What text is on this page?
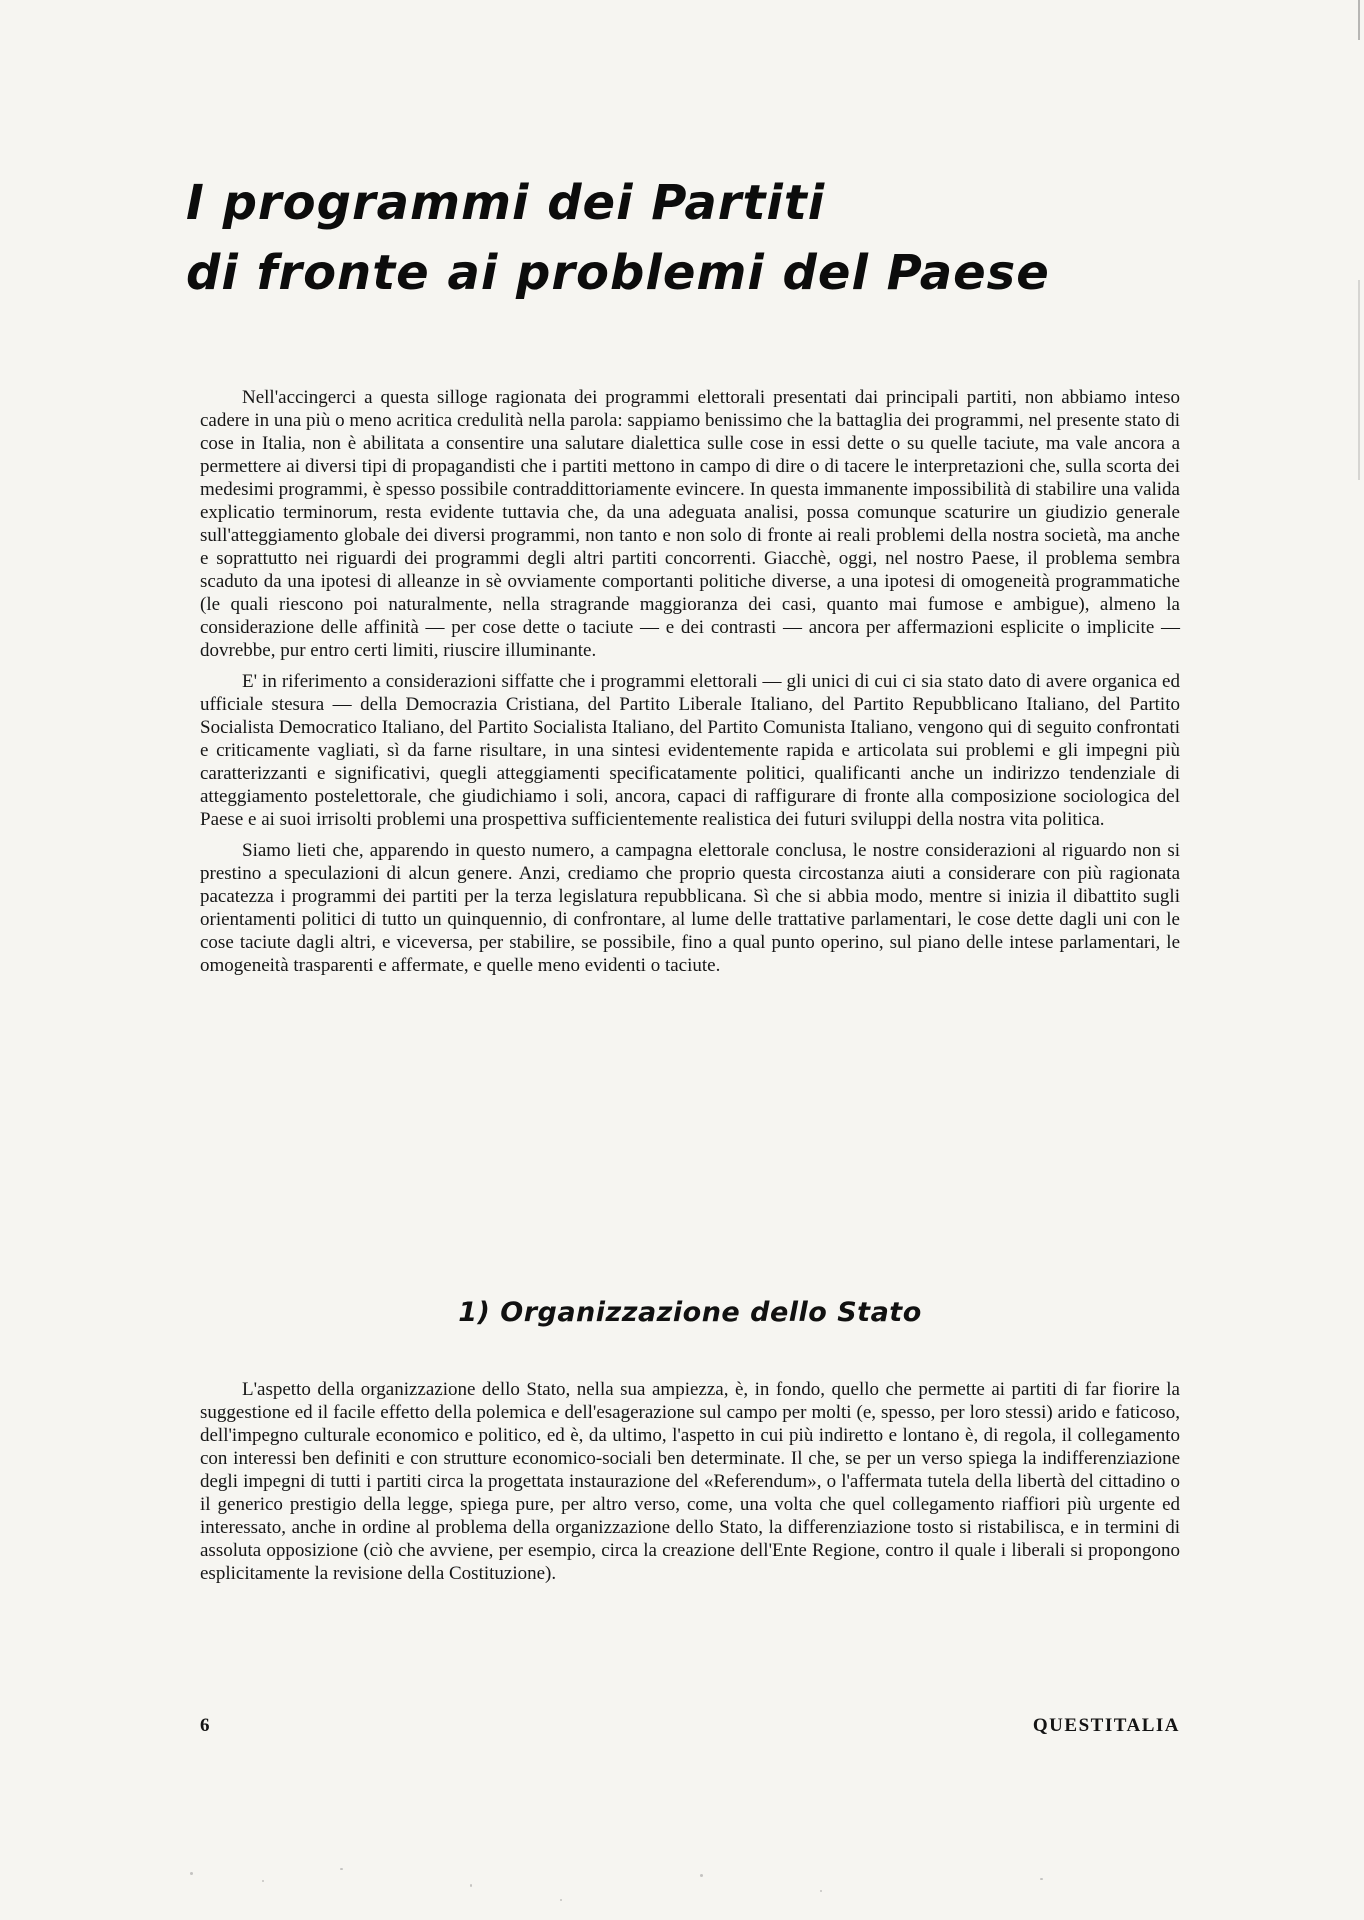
I programmi dei Partiti
di fronte ai problemi del Paese

Nell'accingerci a questa silloge ragionata dei programmi elettorali presentati dai principali partiti, non abbiamo inteso cadere in una più o meno acritica credulità nella parola: sappiamo benissimo che la battaglia dei programmi, nel presente stato di cose in Italia, non è abilitata a consentire una salutare dialettica sulle cose in essi dette o su quelle taciute, ma vale ancora a permettere ai diversi tipi di propagandisti che i partiti mettono in campo di dire o di tacere le interpretazioni che, sulla scorta dei medesimi programmi, è spesso possibile contraddittoriamente evincere. In questa immanente impossibilità di stabilire una valida explicatio terminorum, resta evidente tuttavia che, da una adeguata analisi, possa comunque scaturire un giudizio generale sull'atteggiamento globale dei diversi programmi, non tanto e non solo di fronte ai reali problemi della nostra società, ma anche e soprattutto nei riguardi dei programmi degli altri partiti concorrenti. Giacchè, oggi, nel nostro Paese, il problema sembra scaduto da una ipotesi di alleanze in sè ovviamente comportanti politiche diverse, a una ipotesi di omogeneità programmatiche (le quali riescono poi naturalmente, nella stragrande maggioranza dei casi, quanto mai fumose e ambigue), almeno la considerazione delle affinità — per cose dette o taciute — e dei contrasti — ancora per affermazioni esplicite o implicite — dovrebbe, pur entro certi limiti, riuscire illuminante.

E' in riferimento a considerazioni siffatte che i programmi elettorali — gli unici di cui ci sia stato dato di avere organica ed ufficiale stesura — della Democrazia Cristiana, del Partito Liberale Italiano, del Partito Repubblicano Italiano, del Partito Socialista Democratico Italiano, del Partito Socialista Italiano, del Partito Comunista Italiano, vengono qui di seguito confrontati e criticamente vagliati, sì da farne risultare, in una sintesi evidentemente rapida e articolata sui problemi e gli impegni più caratterizzanti e significativi, quegli atteggiamenti specificatamente politici, qualificanti anche un indirizzo tendenziale di atteggiamento postelettorale, che giudichiamo i soli, ancora, capaci di raffigurare di fronte alla composizione sociologica del Paese e ai suoi irrisolti problemi una prospettiva sufficientemente realistica dei futuri sviluppi della nostra vita politica.

Siamo lieti che, apparendo in questo numero, a campagna elettorale conclusa, le nostre considerazioni al riguardo non si prestino a speculazioni di alcun genere. Anzi, crediamo che proprio questa circostanza aiuti a considerare con più ragionata pacatezza i programmi dei partiti per la terza legislatura repubblicana. Sì che si abbia modo, mentre si inizia il dibattito sugli orientamenti politici di tutto un quinquennio, di confrontare, al lume delle trattative parlamentari, le cose dette dagli uni con le cose taciute dagli altri, e viceversa, per stabilire, se possibile, fino a qual punto operino, sul piano delle intese parlamentari, le omogeneità trasparenti e affermate, e quelle meno evidenti o taciute.

1) Organizzazione dello Stato

L'aspetto della organizzazione dello Stato, nella sua ampiezza, è, in fondo, quello che permette ai partiti di far fiorire la suggestione ed il facile effetto della polemica e dell'esagerazione sul campo per molti (e, spesso, per loro stessi) arido e faticoso, dell'impegno culturale economico e politico, ed è, da ultimo, l'aspetto in cui più indiretto e lontano è, di regola, il collegamento con interessi ben definiti e con strutture economico-sociali ben determinate. Il che, se per un verso spiega la indifferenziazione degli impegni di tutti i partiti circa la progettata instaurazione del «Referendum», o l'affermata tutela della libertà del cittadino o il generico prestigio della legge, spiega pure, per altro verso, come, una volta che quel collegamento riaffiori più urgente ed interessato, anche in ordine al problema della organizzazione dello Stato, la differenziazione tosto si ristabilisca, e in termini di assoluta opposizione (ciò che avviene, per esempio, circa la creazione dell'Ente Regione, contro il quale i liberali si propongono esplicitamente la revisione della Costituzione).

6	QUESTITALIA
